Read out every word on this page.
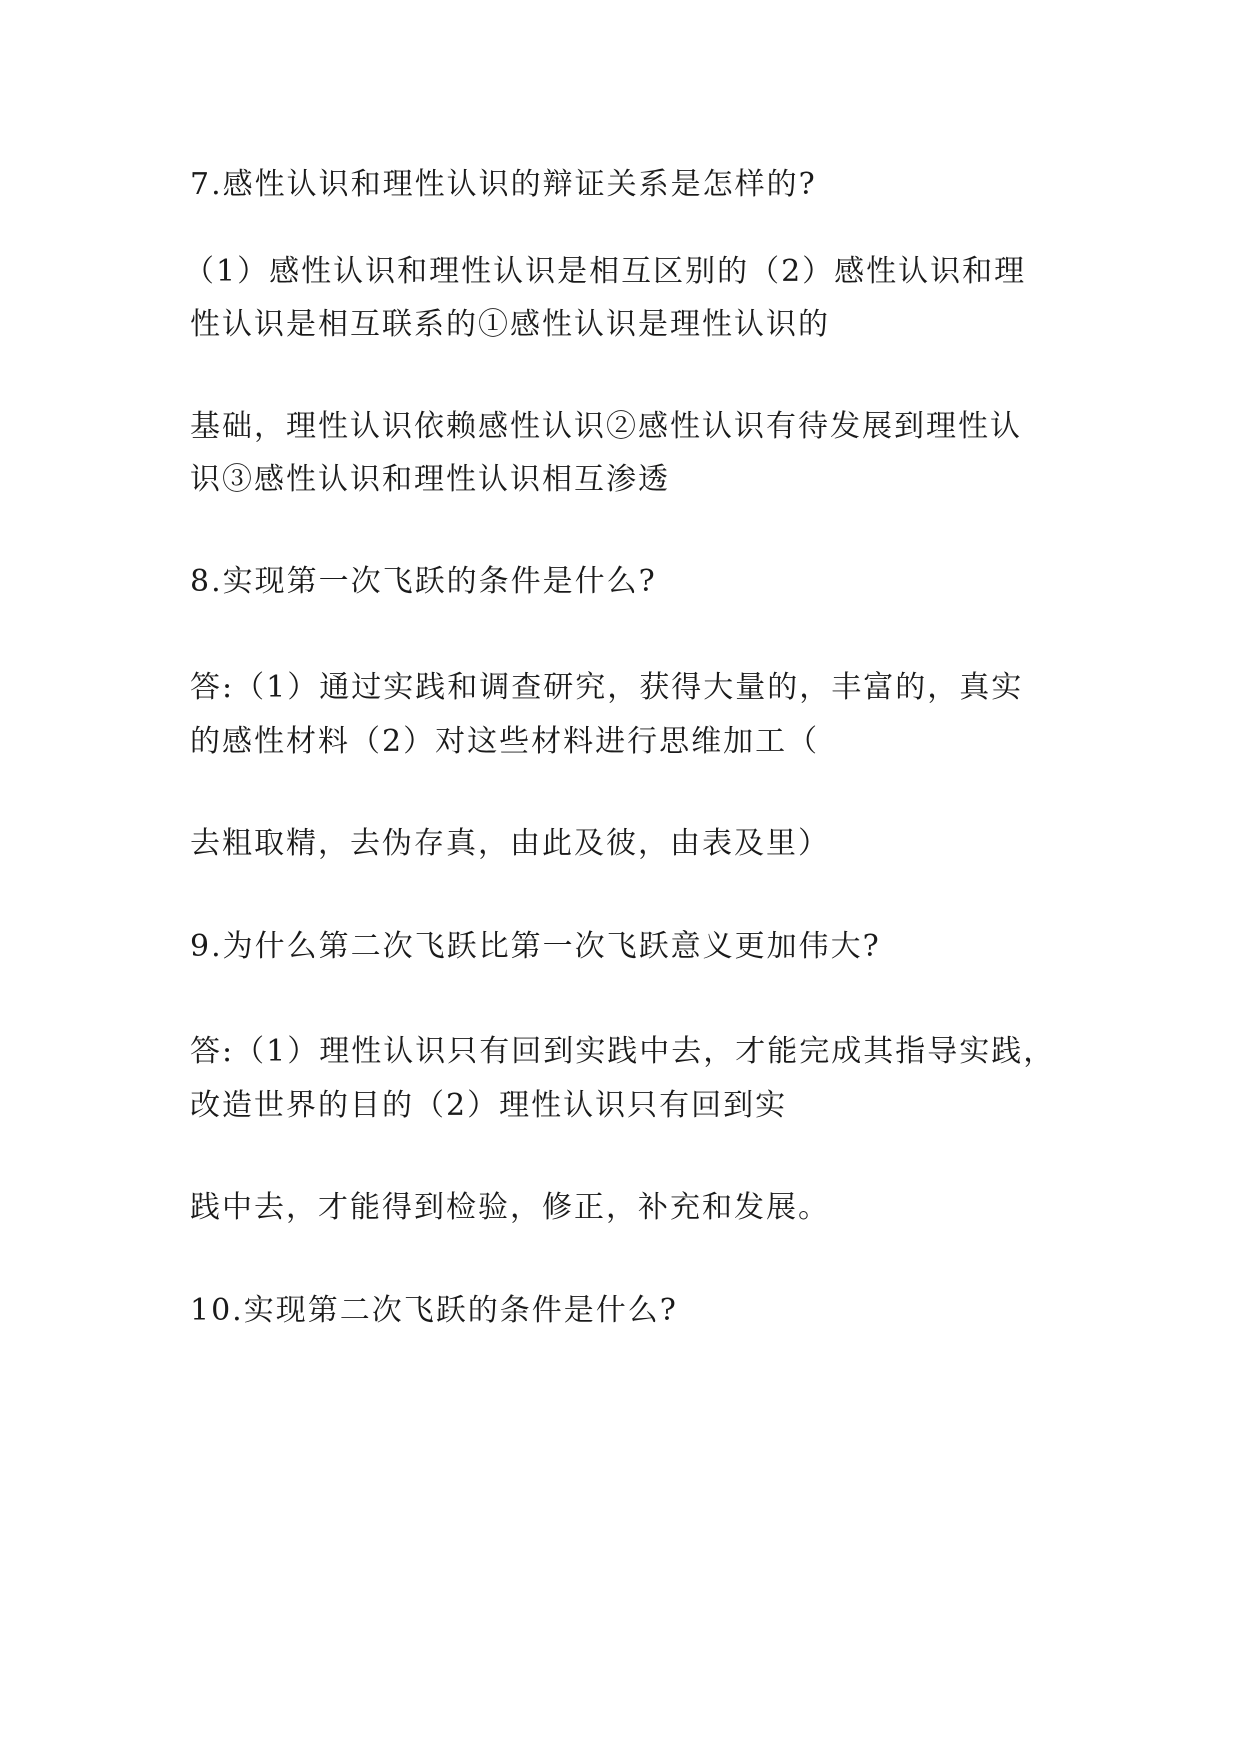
7.感性认识和理性认识的辩证关系是怎样的?
（1）感性认识和理性认识是相互区别的（2）感性认识和理
性认识是相互联系的①感性认识是理性认识的
基础，理性认识依赖感性认识②感性认识有待发展到理性认
识③感性认识和理性认识相互渗透
8.实现第一次飞跃的条件是什么?
答:（1）通过实践和调查研究，获得大量的，丰富的，真实
的感性材料（2）对这些材料进行思维加工（
去粗取精，去伪存真，由此及彼，由表及里）
9.为什么第二次飞跃比第一次飞跃意义更加伟大?
答:（1）理性认识只有回到实践中去，才能完成其指导实践，
改造世界的目的（2）理性认识只有回到实
践中去，才能得到检验，修正，补充和发展。
10.实现第二次飞跃的条件是什么?
